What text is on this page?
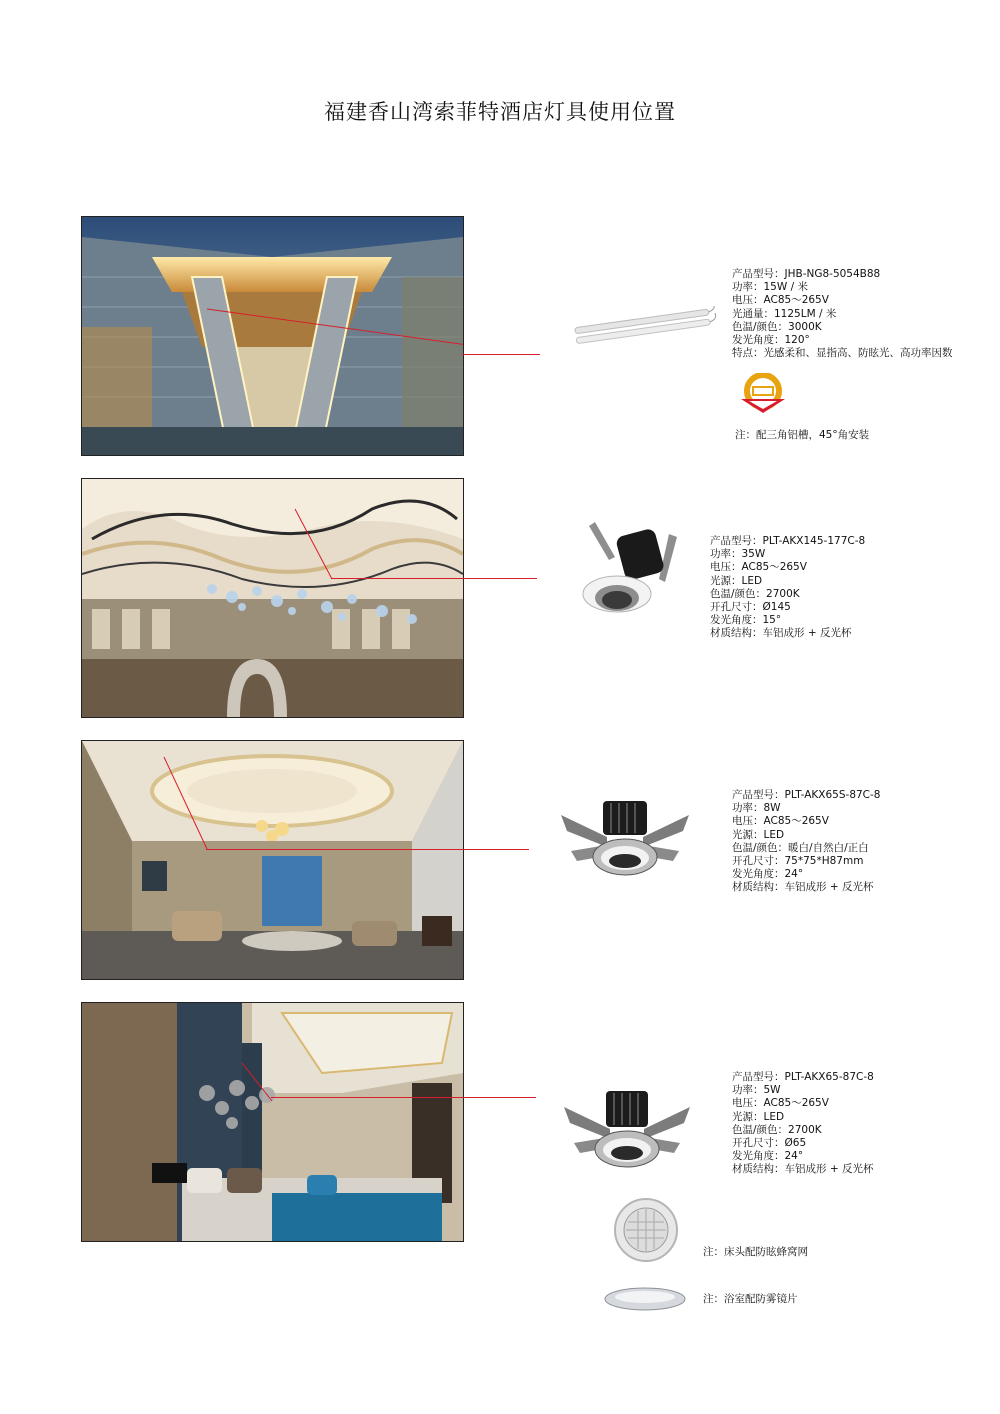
福建香山湾索菲特酒店灯具使用位置
产品型号：JHB-NG8-5054B88
功率：15W / 米
电压：AC85～265V
光通量：1125LM / 米
色温/颜色：3000K
发光角度：120°
特点：光感柔和、显指高、防眩光、高功率因数
注：配三角铝槽，45°角安装
产品型号：PLT-AKX145-177C-8
功率：35W
电压：AC85～265V
光源：LED
色温/颜色：2700K
开孔尺寸：Ø145
发光角度：15°
材质结构：车铝成形 + 反光杯
产品型号：PLT-AKX65S-87C-8
功率：8W
电压：AC85～265V
光源：LED
色温/颜色：暖白/自然白/正白
开孔尺寸：75*75*H87mm
发光角度：24°
材质结构：车铝成形 + 反光杯
产品型号：PLT-AKX65-87C-8
功率：5W
电压：AC85～265V
光源：LED
色温/颜色：2700K
开孔尺寸：Ø65
发光角度：24°
材质结构：车铝成形 + 反光杯
注：床头配防眩蜂窝网
注：浴室配防雾镜片
